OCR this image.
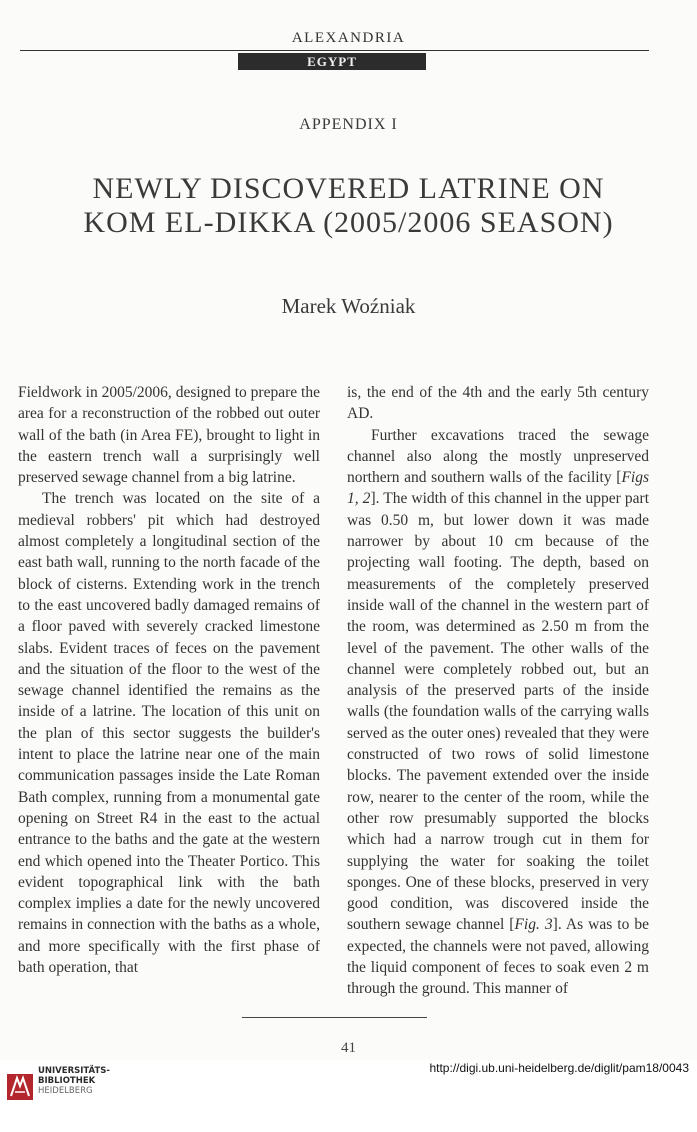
ALEXANDRIA
EGYPT
APPENDIX I
NEWLY DISCOVERED LATRINE ON
KOM EL-DIKKA (2005/2006 SEASON)
Marek Woźniak

Fieldwork in 2005/2006, designed to prepare the area for a reconstruction of the robbed out outer wall of the bath (in Area FE), brought to light in the eastern trench wall a surprisingly well preserved sewage channel from a big latrine.

The trench was located on the site of a medieval robbers' pit which had destroyed almost completely a longitudinal section of the east bath wall, running to the north facade of the block of cisterns. Extending work in the trench to the east uncovered badly damaged remains of a floor paved with severely cracked limestone slabs. Evident traces of feces on the pavement and the situation of the floor to the west of the sewage channel identified the remains as the inside of a latrine. The location of this unit on the plan of this sector suggests the builder's intent to place the latrine near one of the main communication passages inside the Late Roman Bath complex, running from a monumental gate opening on Street R4 in the east to the actual entrance to the baths and the gate at the western end which opened into the Theater Portico. This evident topographical link with the bath complex implies a date for the newly uncovered remains in connection with the baths as a whole, and more specifically with the first phase of bath operation, that

is, the end of the 4th and the early 5th century AD.

Further excavations traced the sewage channel also along the mostly unpreserved northern and southern walls of the facility [Figs 1, 2]. The width of this channel in the upper part was 0.50 m, but lower down it was made narrower by about 10 cm because of the projecting wall footing. The depth, based on measurements of the completely preserved inside wall of the channel in the western part of the room, was determined as 2.50 m from the level of the pavement. The other walls of the channel were completely robbed out, but an analysis of the preserved parts of the inside walls (the foundation walls of the carrying walls served as the outer ones) revealed that they were constructed of two rows of solid limestone blocks. The pavement extended over the inside row, nearer to the center of the room, while the other row presumably supported the blocks which had a narrow trough cut in them for supplying the water for soaking the toilet sponges. One of these blocks, preserved in very good condition, was discovered inside the southern sewage channel [Fig. 3]. As was to be expected, the channels were not paved, allowing the liquid component of feces to soak even 2 m through the ground. This manner of

41
UNIVERSITÄTS-
BIBLIOTHEK
HEIDELBERG
http://digi.ub.uni-heidelberg.de/diglit/pam18/0043
